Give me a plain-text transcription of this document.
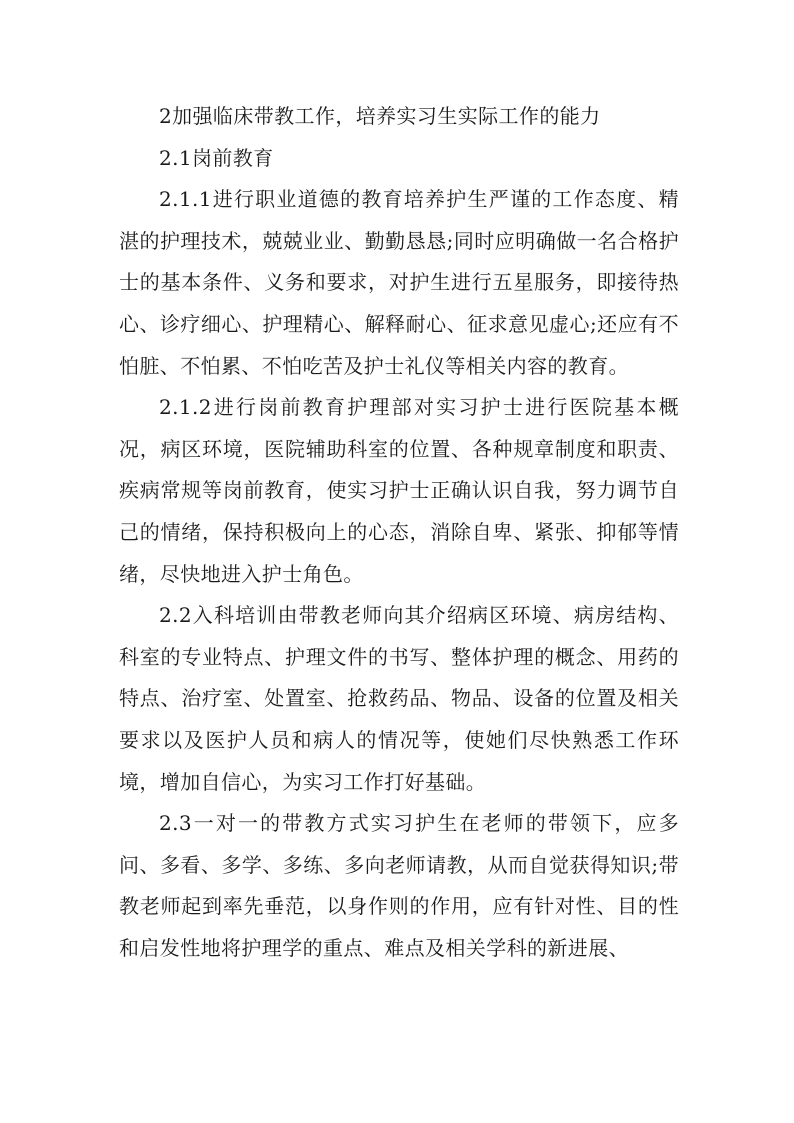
2加强临床带教工作，培养实习生实际工作的能力

2.1岗前教育

2.1.1进行职业道德的教育培养护生严谨的工作态度、精湛的护理技术，兢兢业业、勤勤恳恳;同时应明确做一名合格护士的基本条件、义务和要求，对护生进行五星服务，即接待热心、诊疗细心、护理精心、解释耐心、征求意见虚心;还应有不怕脏、不怕累、不怕吃苦及护士礼仪等相关内容的教育。

2.1.2进行岗前教育护理部对实习护士进行医院基本概况，病区环境，医院辅助科室的位置、各种规章制度和职责、疾病常规等岗前教育，使实习护士正确认识自我，努力调节自己的情绪，保持积极向上的心态，消除自卑、紧张、抑郁等情绪，尽快地进入护士角色。

2.2入科培训由带教老师向其介绍病区环境、病房结构、科室的专业特点、护理文件的书写、整体护理的概念、用药的特点、治疗室、处置室、抢救药品、物品、设备的位置及相关要求以及医护人员和病人的情况等，使她们尽快熟悉工作环境，增加自信心，为实习工作打好基础。

2.3一对一的带教方式实习护生在老师的带领下，应多问、多看、多学、多练、多向老师请教，从而自觉获得知识;带教老师起到率先垂范，以身作则的作用，应有针对性、目的性和启发性地将护理学的重点、难点及相关学科的新进展、
